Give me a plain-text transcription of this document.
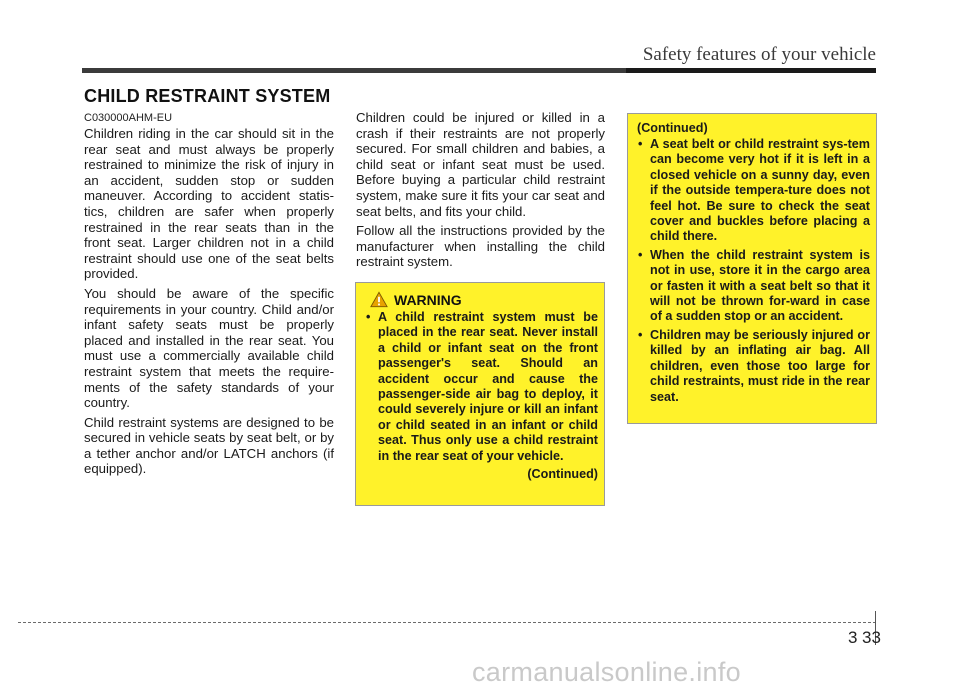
Safety features of your vehicle
CHILD RESTRAINT SYSTEM
C030000AHM-EU

Children riding in the car should sit in the rear seat and must always be properly restrained to minimize the risk of injury in an accident, sudden stop or sudden maneuver. According to accident statis-tics, children are safer when properly restrained in the rear seats than in the front seat. Larger children not in a child restraint should use one of the seat belts provided.

You should be aware of the specific requirements in your country. Child and/or infant safety seats must be properly placed and installed in the rear seat. You must use a commercially available child restraint system that meets the require-ments of the safety standards of your country.

Child restraint systems are designed to be secured in vehicle seats by seat belt, or by a tether anchor and/or LATCH anchors (if equipped).

Children could be injured or killed in a crash if their restraints are not properly secured. For small children and babies, a child seat or infant seat must be used. Before buying a particular child restraint system, make sure it fits your car seat and seat belts, and fits your child.

Follow all the instructions provided by the manufacturer when installing the child restraint system.

WARNING
• A child restraint system must be placed in the rear seat. Never install a child or infant seat on the front passenger's seat. Should an accident occur and cause the passenger-side air bag to deploy, it could severely injure or kill an infant or child seated in an infant or child seat. Thus only use a child restraint in the rear seat of your vehicle.
(Continued)
(Continued)
• A seat belt or child restraint sys-tem can become very hot if it is left in a closed vehicle on a sunny day, even if the outside tempera-ture does not feel hot. Be sure to check the seat cover and buckles before placing a child there.
• When the child restraint system is not in use, store it in the cargo area or fasten it with a seat belt so that it will not be thrown for-ward in case of a sudden stop or an accident.
• Children may be seriously injured or killed by an inflating air bag. All children, even those too large for child restraints, must ride in the rear seat.
3 33
carmanualsonline.info
